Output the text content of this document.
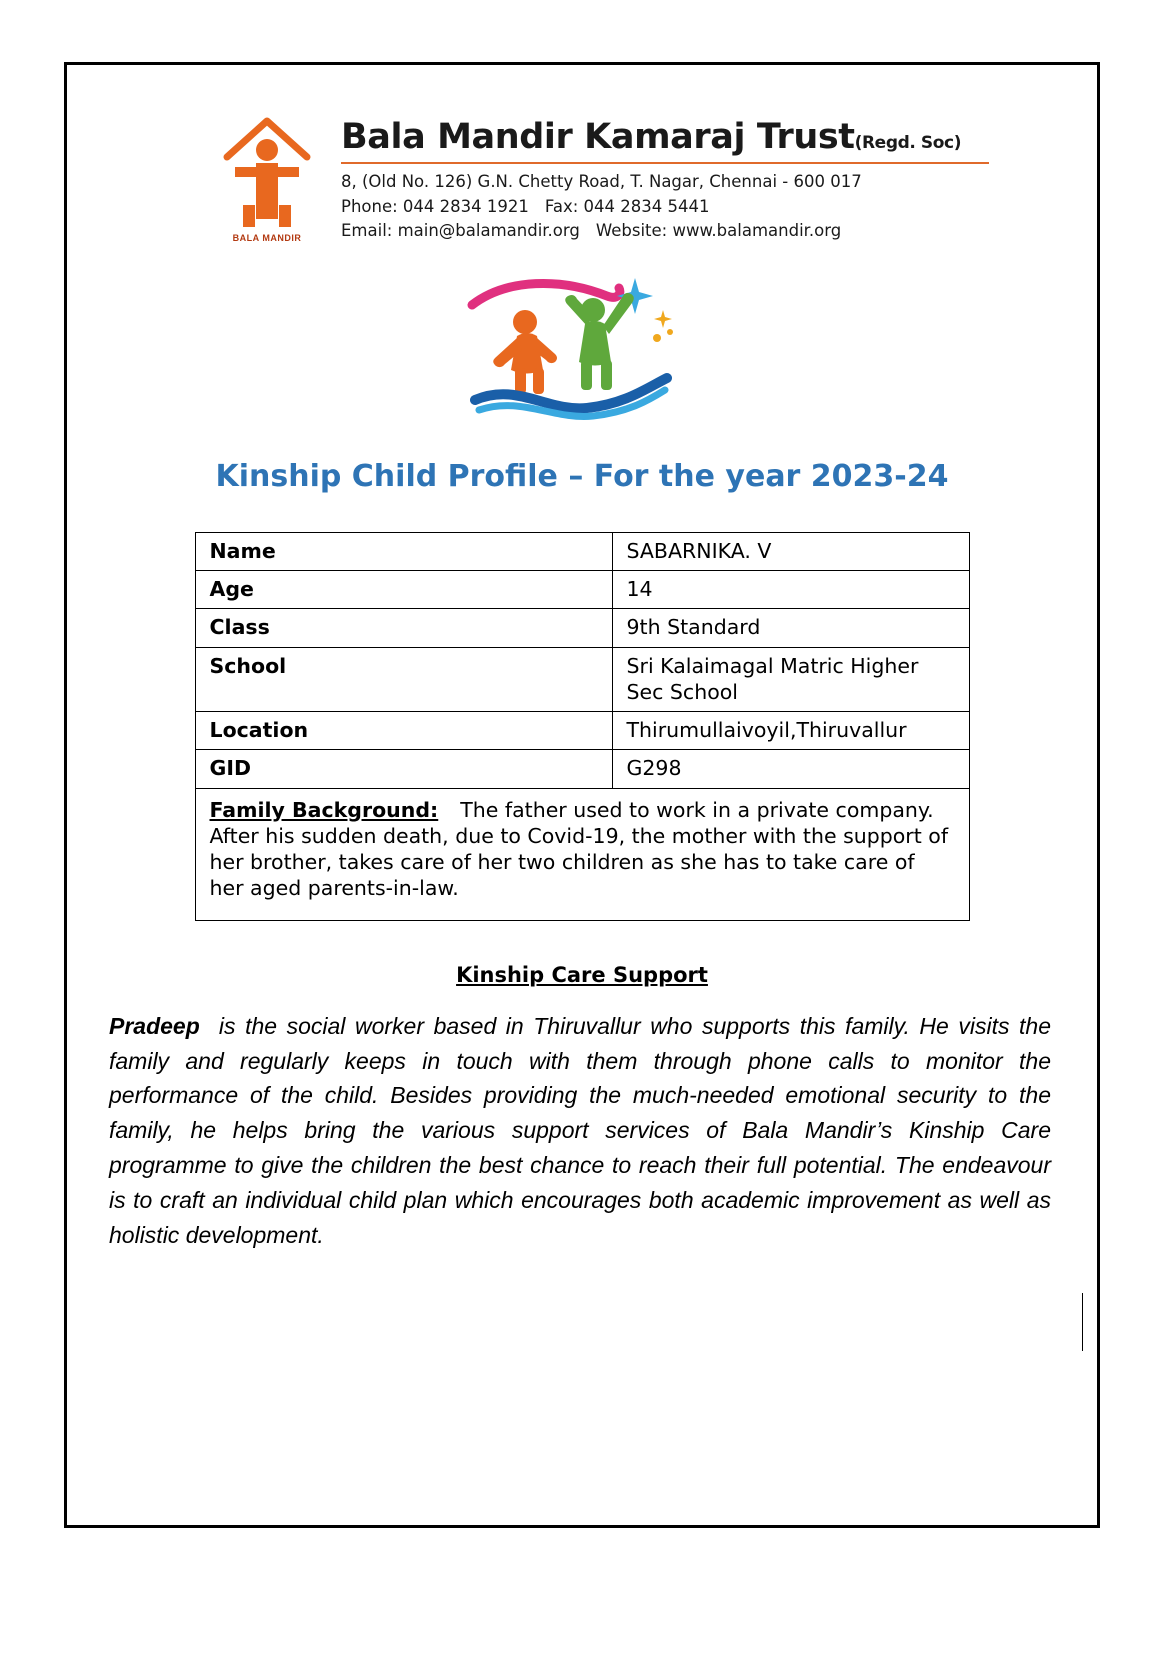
BALA MANDIR
Bala Mandir Kamaraj Trust(Regd. Soc)
8, (Old No. 126) G.N. Chetty Road, T. Nagar, Chennai - 600 017
Phone: 044 2834 1921 Fax: 044 2834 5441
Email: main@balamandir.org Website: www.balamandir.org
Kinship Child Profile – For the year 2023-24
Name	SABARNIKA. V
Age	14
Class	9th Standard
School	Sri Kalaimagal Matric Higher Sec School
Location	Thirumullaivoyil,Thiruvallur
GID	G298
Family Background: The father used to work in a private company. After his sudden death, due to Covid-19, the mother with the support of her brother, takes care of her two children as she has to take care of her aged parents-in-law.	
Kinship Care Support
Pradeep is the social worker based in Thiruvallur who supports this family. He visits the family and regularly keeps in touch with them through phone calls to monitor the performance of the child. Besides providing the much-needed emotional security to the family, he helps bring the various support services of Bala Mandir’s Kinship Care programme to give the children the best chance to reach their full potential. The endeavour is to craft an individual child plan which encourages both academic improvement as well as holistic development.
